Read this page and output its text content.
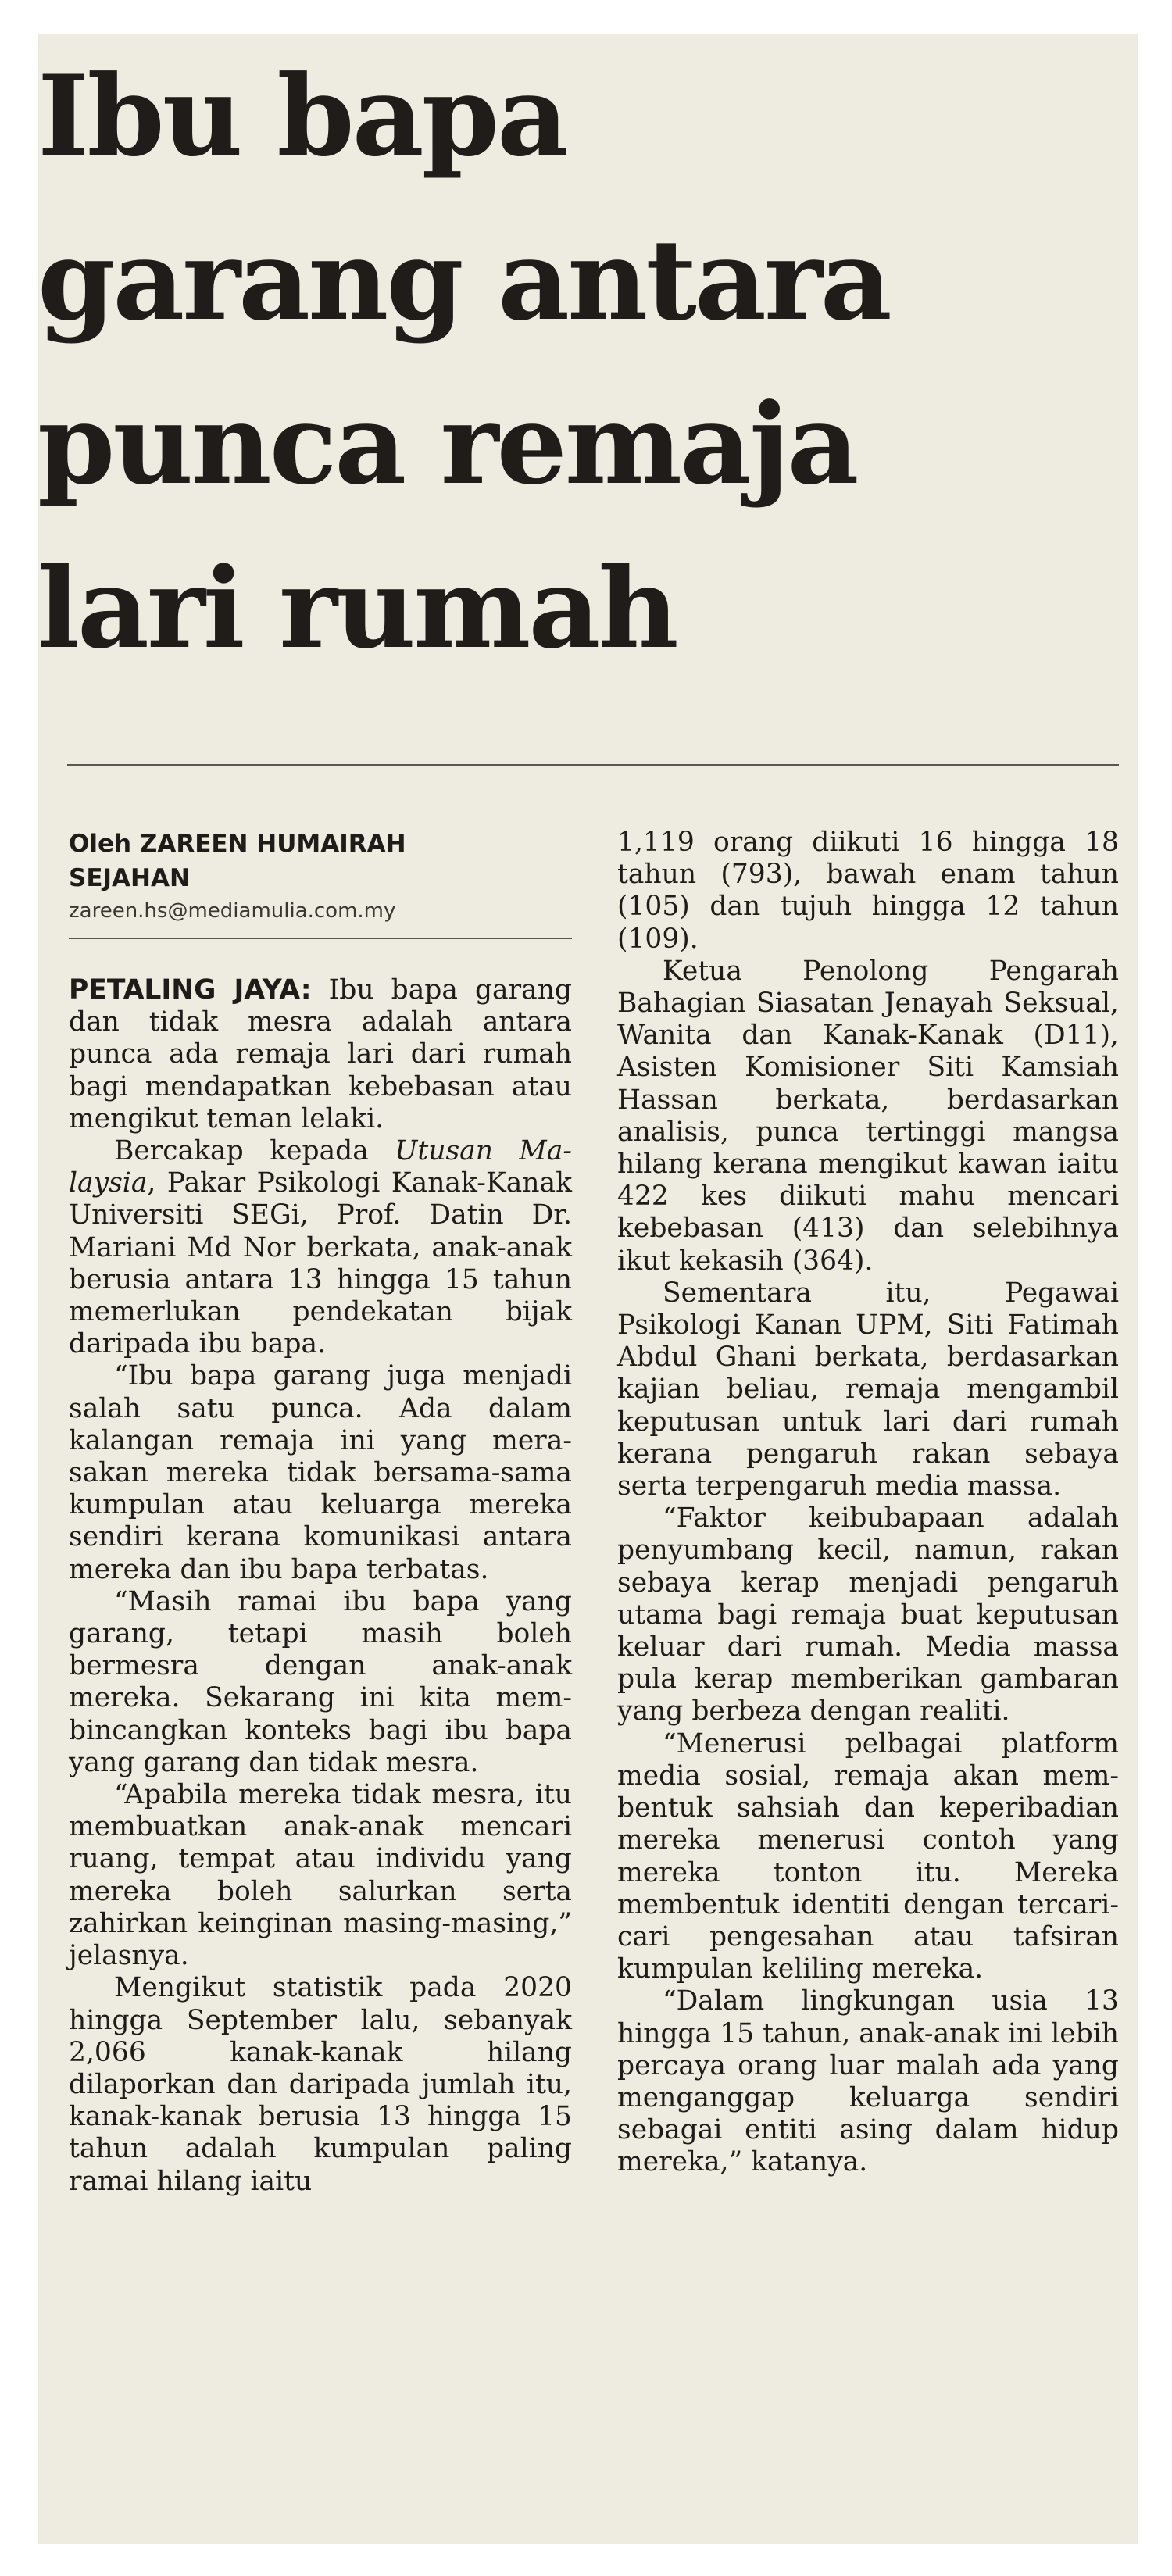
Ibu bapa
garang antara
punca remaja
lari rumah
Oleh ZAREEN HUMAIRAH
SEJAHAN
zareen.hs@mediamulia.com.my

PETALING JAYA: Ibu bapa garang dan tidak mesra adalah antara punca ada remaja lari dari rumah bagi mendapatkan kebebasan atau mengikut teman lelaki.

Bercakap kepada Utusan Malaysia, Pakar Psikologi Kanak-Kanak Universiti SEGi, Prof. Datin Dr. Mariani Md Nor berkata, anak-anak berusia antara 13 hingga 15 tahun memerlukan pendekatan bijak daripada ibu bapa.

“Ibu bapa garang juga menjadi salah satu punca. Ada dalam kalangan remaja ini yang merasakan mereka tidak bersama-sama kumpulan atau keluarga mereka sendiri kerana komunikasi antara mereka dan ibu bapa terbatas.

“Masih ramai ibu bapa yang garang, tetapi masih boleh bermesra dengan anak-anak mereka. Sekarang ini kita membincangkan konteks bagi ibu bapa yang garang dan tidak mesra.

“Apabila mereka tidak mesra, itu membuatkan anak-anak mencari ruang, tempat atau individu yang mereka boleh salurkan serta zahirkan keinginan masing-masing,” jelasnya.

Mengikut statistik pada 2020 hingga September lalu, sebanyak 2,066 kanak-kanak hilang dilaporkan dan daripada jumlah itu, kanak-kanak berusia 13 hingga 15 tahun adalah kumpulan paling ramai hilang iaitu

1,119 orang diikuti 16 hingga 18 tahun (793), bawah enam tahun (105) dan tujuh hingga 12 tahun (109).

Ketua Penolong Pengarah Bahagian Siasatan Jenayah Seksual, Wanita dan Kanak-Kanak (D11), Asisten Komisioner Siti Kamsiah Hassan berkata, berdasarkan analisis, punca tertinggi mangsa hilang kerana mengikut kawan iaitu 422 kes diikuti mahu mencari kebebasan (413) dan selebihnya ikut kekasih (364).

Sementara itu, Pegawai Psikologi Kanan UPM, Siti Fatimah Abdul Ghani berkata, berdasarkan kajian beliau, remaja mengambil keputusan untuk lari dari rumah kerana pengaruh rakan sebaya serta terpengaruh media massa.

“Faktor keibubapaan adalah penyumbang kecil, namun, rakan sebaya kerap menjadi pengaruh utama bagi remaja buat keputusan keluar dari rumah. Media massa pula kerap memberikan gambaran yang berbeza dengan realiti.

“Menerusi pelbagai platform media sosial, remaja akan membentuk sahsiah dan keperibadian mereka menerusi contoh yang mereka tonton itu. Mereka membentuk identiti dengan tercari-cari pengesahan atau tafsiran kumpulan keliling mereka.

“Dalam lingkungan usia 13 hingga 15 tahun, anak-anak ini lebih percaya orang luar malah ada yang menganggap keluarga sendiri sebagai entiti asing dalam hidup mereka,” katanya.
